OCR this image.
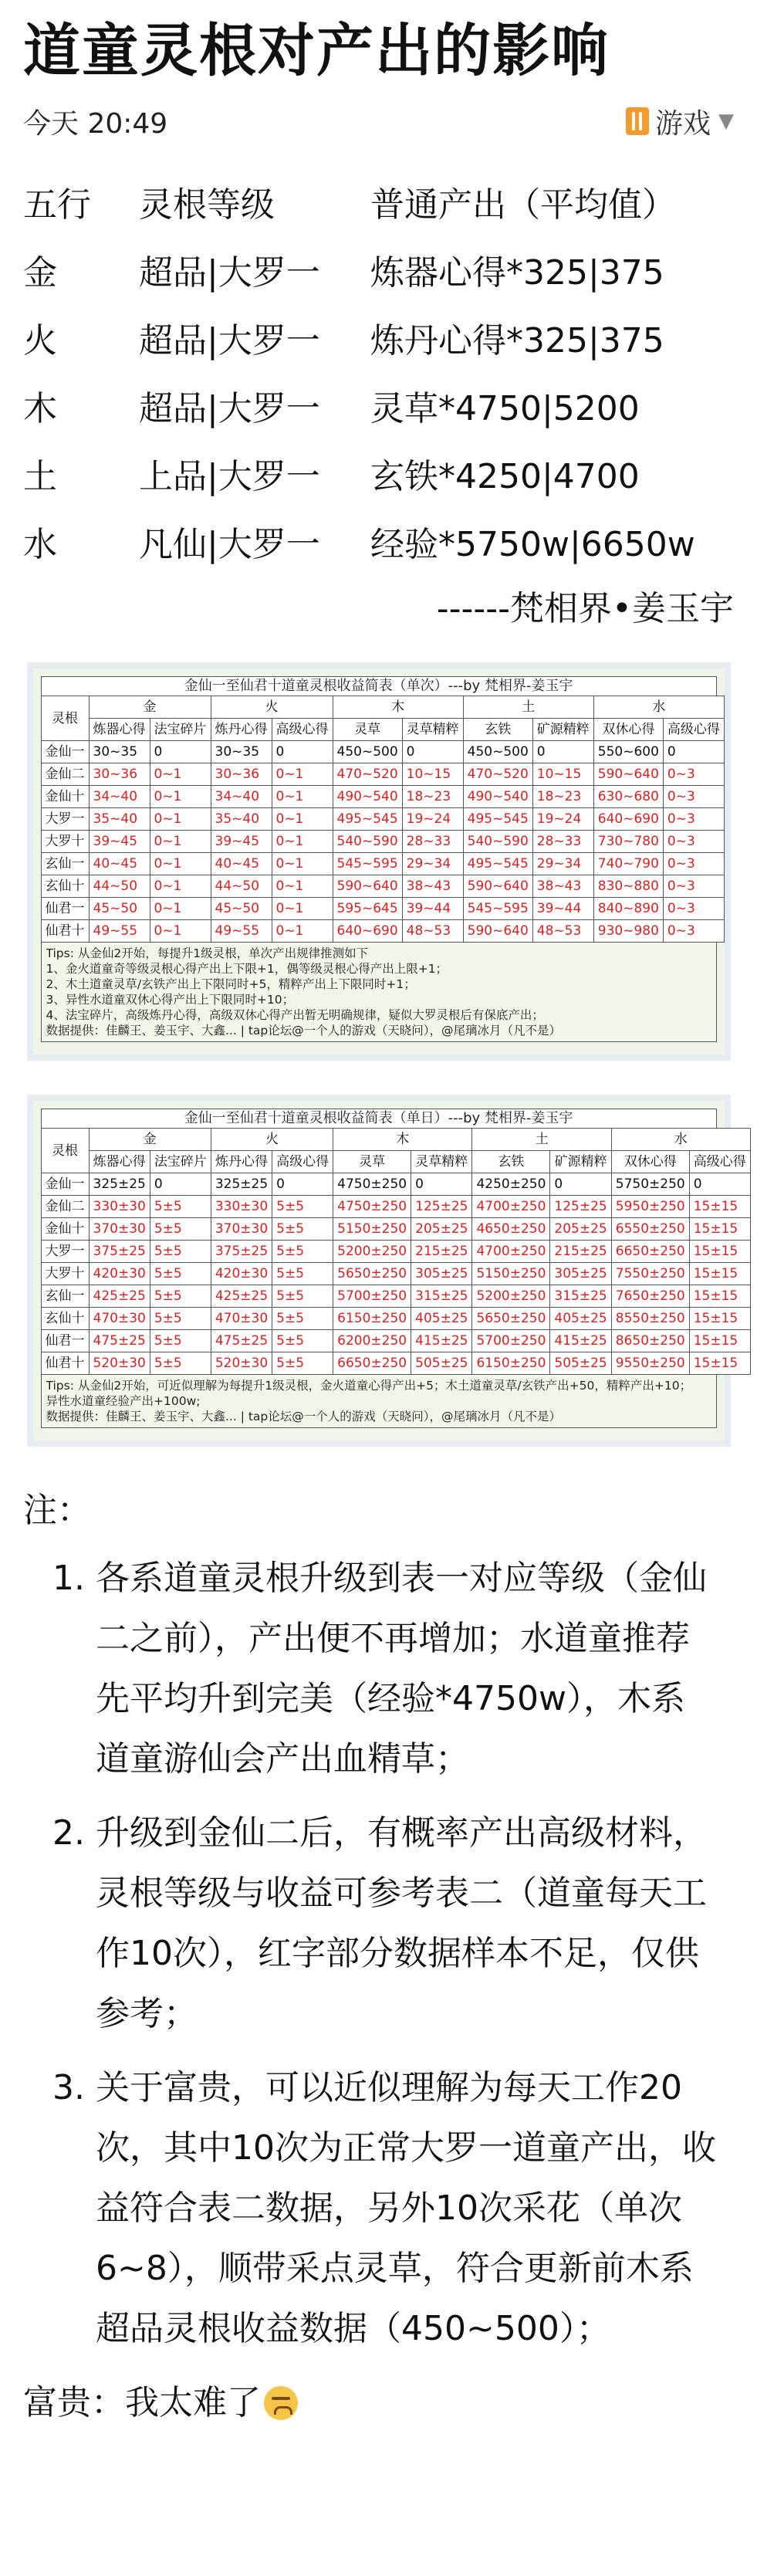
道童灵根对产出的影响
今天 20:49	游戏 ▼
五行	灵根等级	普通产出（平均值）
金	超品|大罗一	炼器心得*325|375
火	超品|大罗一	炼丹心得*325|375
木	超品|大罗一	灵草*4750|5200
土	上品|大罗一	玄铁*4250|4700
水	凡仙|大罗一	经验*5750w|6650w
------梵相界•姜玉宇
金仙一至仙君十道童灵根收益简表（单次）---by 梵相界-姜玉宇
灵根	金		火		木		土		水	
	炼器心得	法宝碎片	炼丹心得	高级心得	灵草	灵草精粹	玄铁	矿源精粹	双休心得	高级心得
金仙一	30~35	0	30~35	0	450~500	0	450~500	0	550~600	0
金仙二	30~36	0~1	30~36	0~1	470~520	10~15	470~520	10~15	590~640	0~3
金仙十	34~40	0~1	34~40	0~1	490~540	18~23	490~540	18~23	630~680	0~3
大罗一	35~40	0~1	35~40	0~1	495~545	19~24	495~545	19~24	640~690	0~3
大罗十	39~45	0~1	39~45	0~1	540~590	28~33	540~590	28~33	730~780	0~3
玄仙一	40~45	0~1	40~45	0~1	545~595	29~34	495~545	29~34	740~790	0~3
玄仙十	44~50	0~1	44~50	0~1	590~640	38~43	590~640	38~43	830~880	0~3
仙君一	45~50	0~1	45~50	0~1	595~645	39~44	545~595	39~44	840~890	0~3
仙君十	49~55	0~1	49~55	0~1	640~690	48~53	590~640	48~53	930~980	0~3
Tips: 从金仙2开始，每提升1级灵根，单次产出规律推测如下
1、金火道童奇等级灵根心得产出上下限+1，偶等级灵根心得产出上限+1；
2、木土道童灵草/玄铁产出上下限同时+5，精粹产出上下限同时+1；
3、异性水道童双休心得产出上下限同时+10；
4、法宝碎片，高级炼丹心得，高级双休心得产出暂无明确规律，疑似大罗灵根后有保底产出；
数据提供：佳麟王、姜玉宇、大鑫... | tap论坛@一个人的游戏（天晓问），@尾璃冰月（凡不是）
金仙一至仙君十道童灵根收益简表（单日）---by 梵相界-姜玉宇
灵根	金		火		木		土		水	
	炼器心得	法宝碎片	炼丹心得	高级心得	灵草	灵草精粹	玄铁	矿源精粹	双休心得	高级心得
金仙一	325±25	0	325±25	0	4750±250	0	4250±250	0	5750±250	0
金仙二	330±30	5±5	330±30	5±5	4750±250	125±25	4700±250	125±25	5950±250	15±15
金仙十	370±30	5±5	370±30	5±5	5150±250	205±25	4650±250	205±25	6550±250	15±15
大罗一	375±25	5±5	375±25	5±5	5200±250	215±25	4700±250	215±25	6650±250	15±15
大罗十	420±30	5±5	420±30	5±5	5650±250	305±25	5150±250	305±25	7550±250	15±15
玄仙一	425±25	5±5	425±25	5±5	5700±250	315±25	5200±250	315±25	7650±250	15±15
玄仙十	470±30	5±5	470±30	5±5	6150±250	405±25	5650±250	405±25	8550±250	15±15
仙君一	475±25	5±5	475±25	5±5	6200±250	415±25	5700±250	415±25	8650±250	15±15
仙君十	520±30	5±5	520±30	5±5	6650±250	505±25	6150±250	505±25	9550±250	15±15
Tips: 从金仙2开始，可近似理解为每提升1级灵根，金火道童心得产出+5；木土道童灵草/玄铁产出+50，精粹产出+10；
异性水道童经验产出+100w;
数据提供：佳麟王、姜玉宇、大鑫... | tap论坛@一个人的游戏（天晓问），@尾璃冰月（凡不是）
注：
1. 各系道童灵根升级到表一对应等级（金仙二之前），产出便不再增加；水道童推荐先平均升到完美（经验*4750w），木系道童游仙会产出血精草；
2. 升级到金仙二后，有概率产出高级材料，灵根等级与收益可参考表二（道童每天工作10次），红字部分数据样本不足，仅供参考；
3. 关于富贵，可以近似理解为每天工作20次，其中10次为正常大罗一道童产出，收益符合表二数据，另外10次采花（单次6~8），顺带采点灵草，符合更新前木系超品灵根收益数据（450~500）；
富贵：我太难了
